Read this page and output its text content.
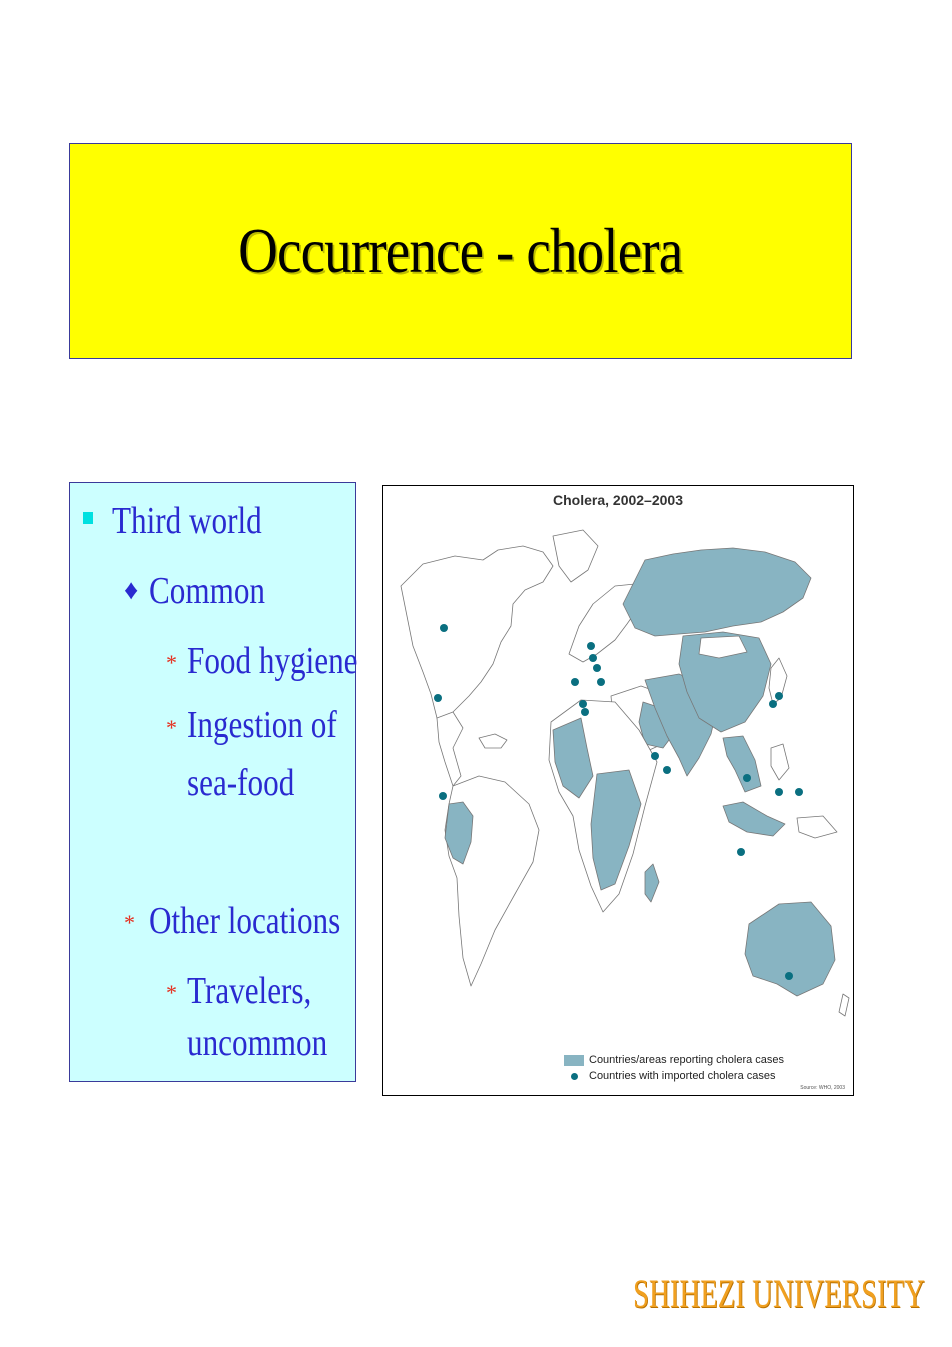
Occurrence - cholera
Third world
♦ Common
* Food hygiene
* Ingestion of
sea-food
* Other locations
* Travelers,
uncommon
Cholera, 2002–2003
Countries/areas reporting cholera cases
Countries with imported cholera cases
Source: WHO, 2003
SHIHEZI UNIVERSITY
